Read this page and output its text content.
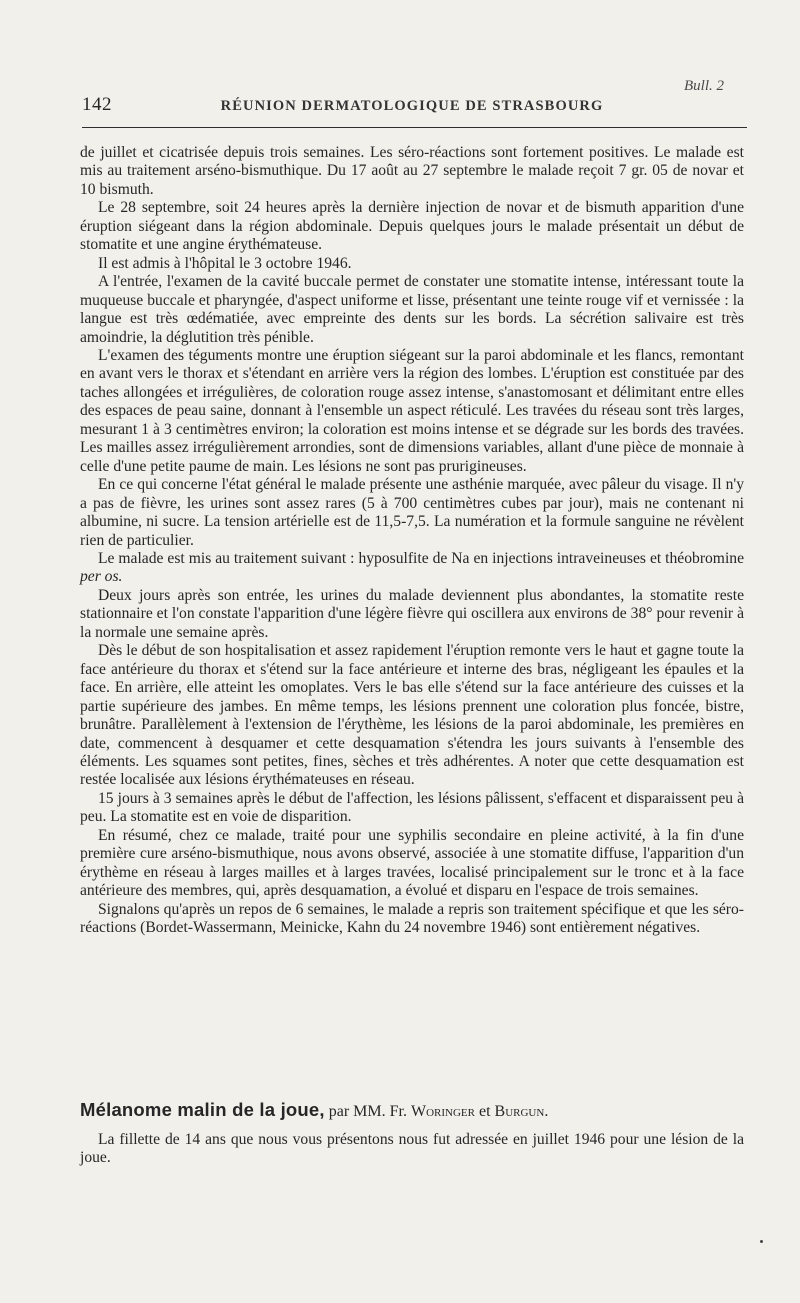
Bull. 2
142	RÉUNION DERMATOLOGIQUE DE STRASBOURG

de juillet et cicatrisée depuis trois semaines. Les séro-réactions sont fortement positives. Le malade est mis au traitement arséno-bismuthique. Du 17 août au 27 septembre le malade reçoit 7 gr. 05 de novar et 10 bismuth.

Le 28 septembre, soit 24 heures après la dernière injection de novar et de bismuth apparition d'une éruption siégeant dans la région abdominale. Depuis quelques jours le malade présentait un début de stomatite et une angine érythémateuse.

Il est admis à l'hôpital le 3 octobre 1946.

A l'entrée, l'examen de la cavité buccale permet de constater une stomatite intense, intéressant toute la muqueuse buccale et pharyngée, d'aspect uniforme et lisse, présentant une teinte rouge vif et vernissée : la langue est très œdématiée, avec empreinte des dents sur les bords. La sécrétion salivaire est très amoindrie, la déglutition très pénible.

L'examen des téguments montre une éruption siégeant sur la paroi abdominale et les flancs, remontant en avant vers le thorax et s'étendant en arrière vers la région des lombes. L'éruption est constituée par des taches allongées et irrégulières, de coloration rouge assez intense, s'anastomosant et délimitant entre elles des espaces de peau saine, donnant à l'ensemble un aspect réticulé. Les travées du réseau sont très larges, mesurant 1 à 3 centimètres environ; la coloration est moins intense et se dégrade sur les bords des travées. Les mailles assez irrégulièrement arrondies, sont de dimensions variables, allant d'une pièce de monnaie à celle d'une petite paume de main. Les lésions ne sont pas prurigineuses.

En ce qui concerne l'état général le malade présente une asthénie marquée, avec pâleur du visage. Il n'y a pas de fièvre, les urines sont assez rares (5 à 700 centimètres cubes par jour), mais ne contenant ni albumine, ni sucre. La tension artérielle est de 11,5-7,5. La numération et la formule sanguine ne révèlent rien de particulier.

Le malade est mis au traitement suivant : hyposulfite de Na en injections intraveineuses et théobromine per os.

Deux jours après son entrée, les urines du malade deviennent plus abondantes, la stomatite reste stationnaire et l'on constate l'apparition d'une légère fièvre qui oscillera aux environs de 38° pour revenir à la normale une semaine après.

Dès le début de son hospitalisation et assez rapidement l'éruption remonte vers le haut et gagne toute la face antérieure du thorax et s'étend sur la face antérieure et interne des bras, négligeant les épaules et la face. En arrière, elle atteint les omoplates. Vers le bas elle s'étend sur la face antérieure des cuisses et la partie supérieure des jambes. En même temps, les lésions prennent une coloration plus foncée, bistre, brunâtre. Parallèlement à l'extension de l'érythème, les lésions de la paroi abdominale, les premières en date, commencent à desquamer et cette desquamation s'étendra les jours suivants à l'ensemble des éléments. Les squames sont petites, fines, sèches et très adhérentes. A noter que cette desquamation est restée localisée aux lésions érythémateuses en réseau.

15 jours à 3 semaines après le début de l'affection, les lésions pâlissent, s'effacent et disparaissent peu à peu. La stomatite est en voie de disparition.

En résumé, chez ce malade, traité pour une syphilis secondaire en pleine activité, à la fin d'une première cure arséno-bismuthique, nous avons observé, associée à une stomatite diffuse, l'apparition d'un érythème en réseau à larges mailles et à larges travées, localisé principalement sur le tronc et à la face antérieure des membres, qui, après desquamation, a évolué et disparu en l'espace de trois semaines.

Signalons qu'après un repos de 6 semaines, le malade a repris son traitement spécifique et que les séro-réactions (Bordet-Wassermann, Meinicke, Kahn du 24 novembre 1946) sont entièrement négatives.

Mélanome malin de la joue, par MM. Fr. Woringer et Burgun.

La fillette de 14 ans que nous vous présentons nous fut adressée en juillet 1946 pour une lésion de la joue.
